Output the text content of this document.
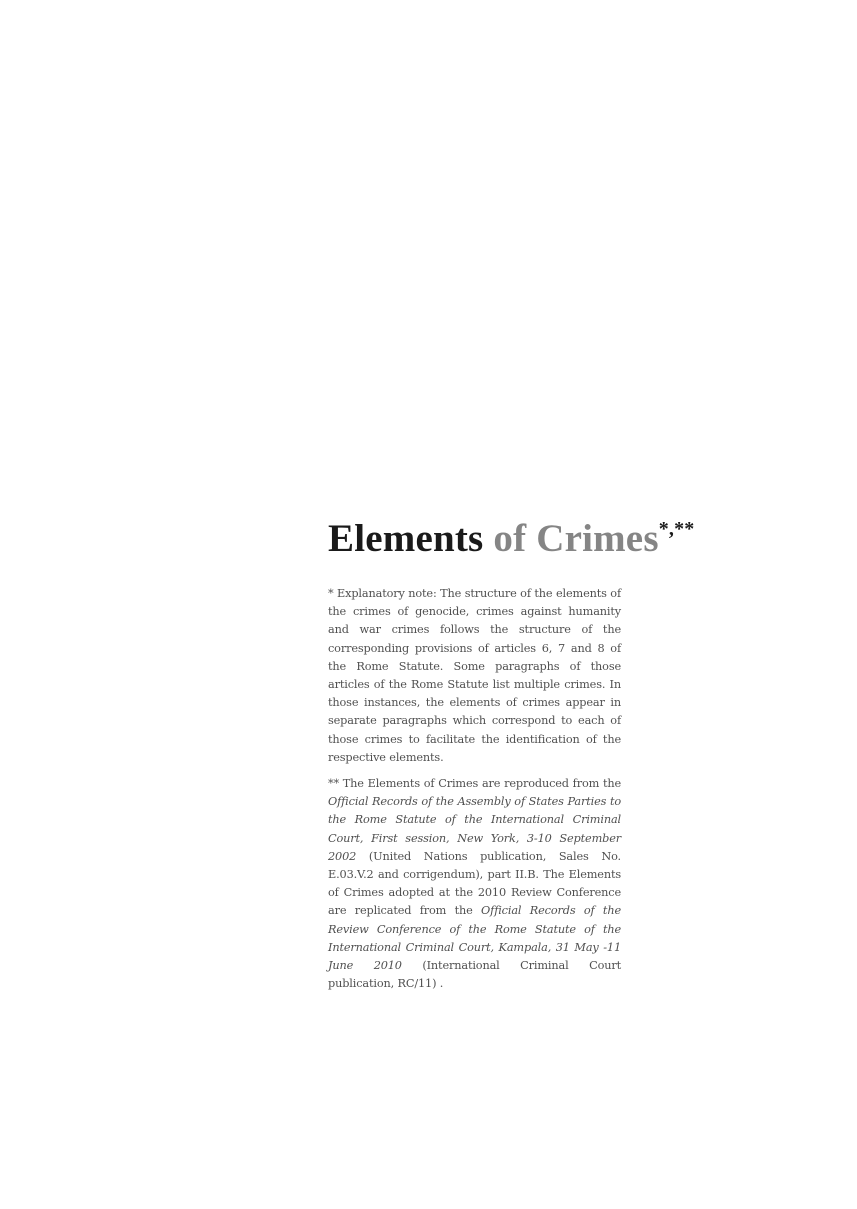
Elements of Crimes*,**

* Explanatory note: The structure of the elements of the crimes of genocide, crimes against humanity and war crimes follows the structure of the corresponding provisions of articles 6, 7 and 8 of the Rome Statute. Some paragraphs of those articles of the Rome Statute list multiple crimes. In those instances, the elements of crimes appear in separate paragraphs which correspond to each of those crimes to facilitate the identification of the respective elements.

** The Elements of Crimes are reproduced from the Official Records of the Assembly of States Parties to the Rome Statute of the International Criminal Court, First session, New York, 3-10 September 2002 (United Nations publication, Sales No. E.03.V.2 and corrigendum), part II.B. The Elements of Crimes adopted at the 2010 Review Conference are replicated from the Official Records of the Review Conference of the Rome Statute of the International Criminal Court, Kampala, 31 May -11 June 2010 (International Criminal Court publication, RC/11) .
